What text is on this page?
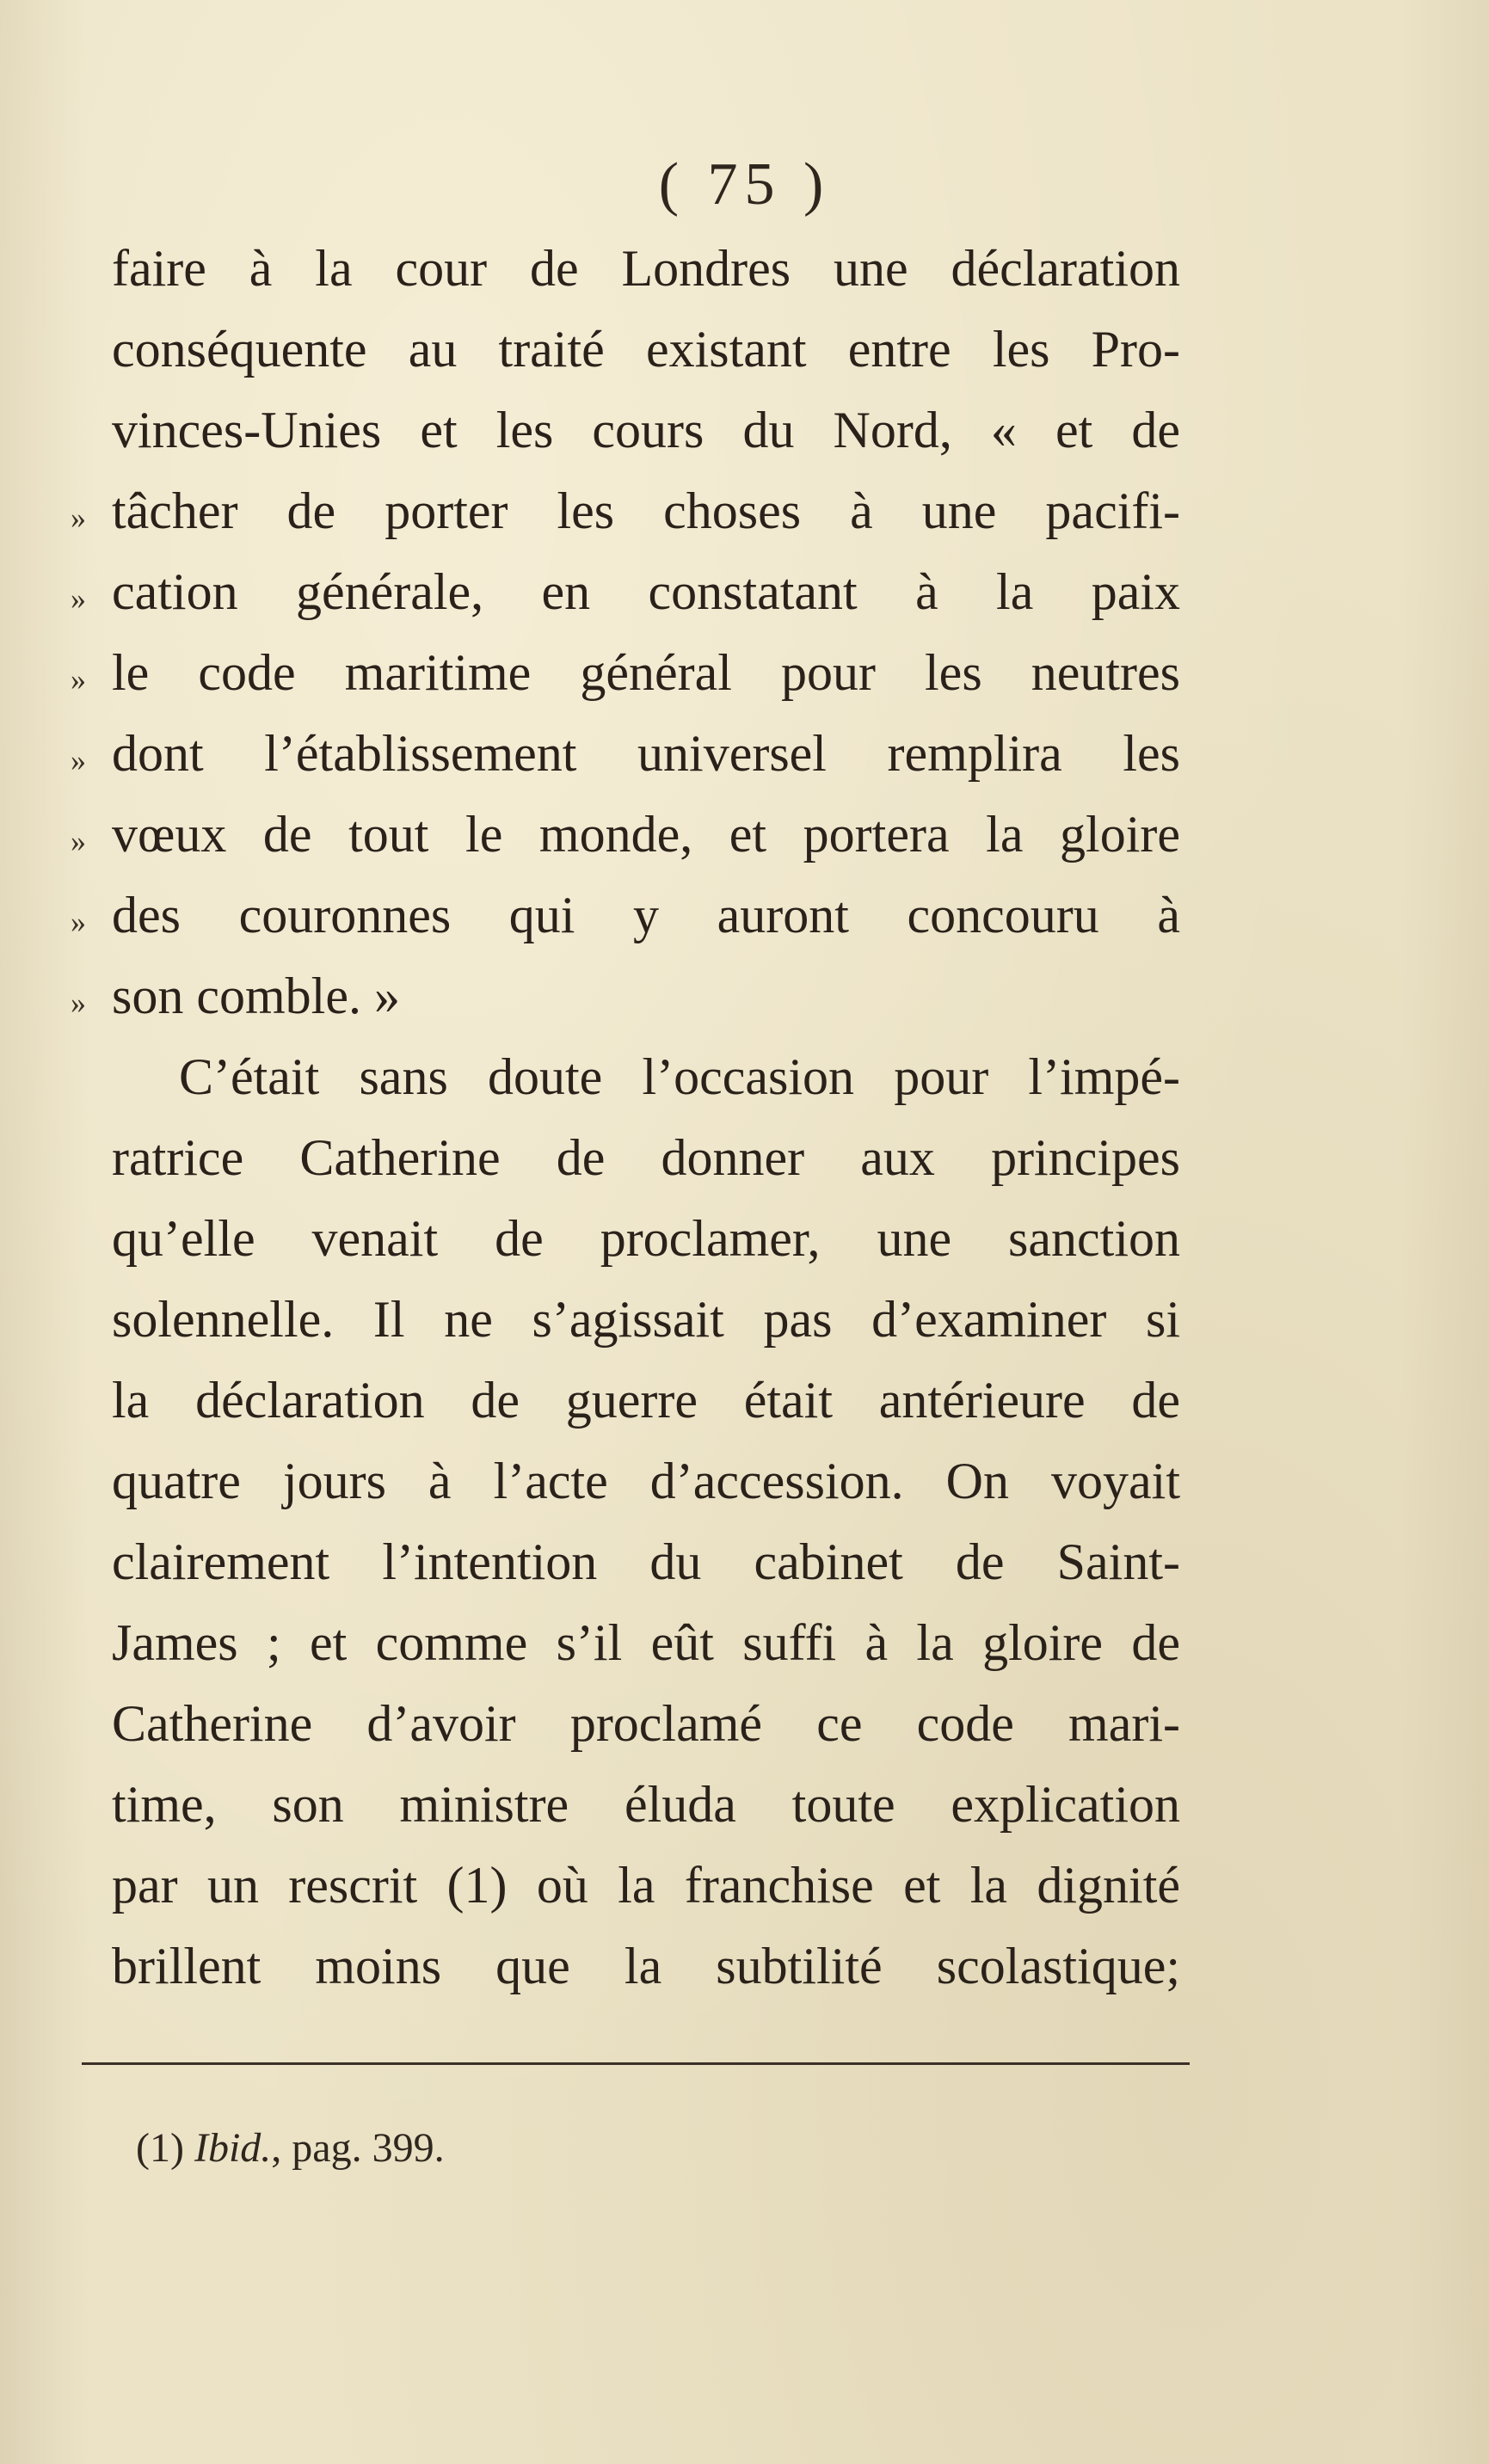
( 75 )
faire à la cour de Londres une déclaration
conséquente au traité existant entre les Pro-
vinces-Unies et les cours du Nord, « et de
» tâcher de porter les choses à une pacifi-
» cation générale, en constatant à la paix
» le code maritime général pour les neutres
» dont l’établissement universel remplira les
» vœux de tout le monde, et portera la gloire
» des couronnes qui y auront concouru à
» son comble. »
C’était sans doute l’occasion pour l’impé-
ratrice Catherine de donner aux principes
qu’elle venait de proclamer, une sanction
solennelle. Il ne s’agissait pas d’examiner si
la déclaration de guerre était antérieure de
quatre jours à l’acte d’accession. On voyait
clairement l’intention du cabinet de Saint-
James ; et comme s’il eût suffi à la gloire de
Catherine d’avoir proclamé ce code mari-
time, son ministre éluda toute explication
par un rescrit (1) où la franchise et la dignité
brillent moins que la subtilité scolastique;
(1) Ibid., pag. 399.
